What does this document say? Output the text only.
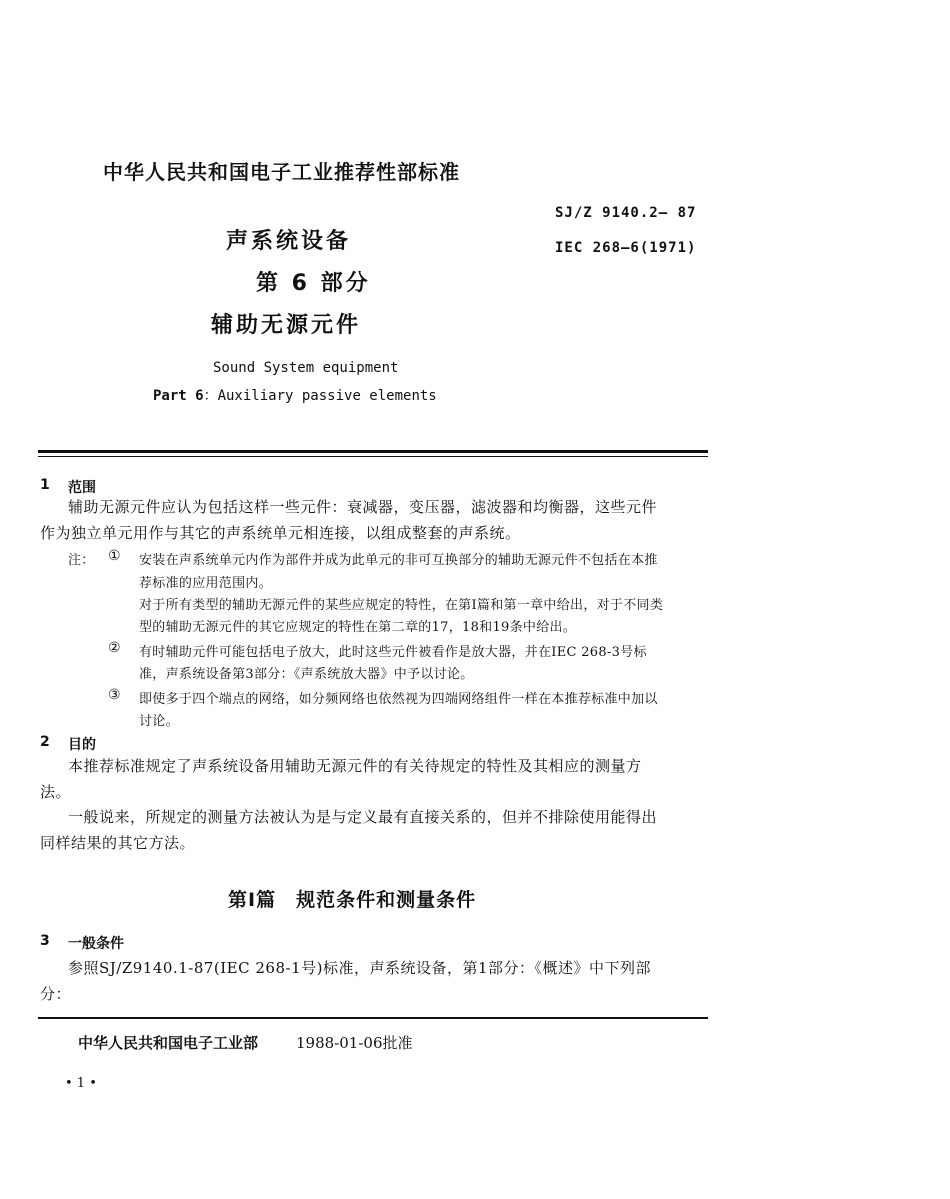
中华人民共和国电子工业推荐性部标准
SJ/Z 9140.2— 87
IEC 268—6(1971)
声系统设备
第 6 部分
辅助无源元件
Sound System equipment
Part 6：Auxiliary passive elements
1 范围
辅助无源元件应认为包括这样一些元件：衰减器，变压器，滤波器和均衡器，这些元件
作为独立单元用作与其它的声系统单元相连接，以组成整套的声系统。
注： ① 安装在声系统单元内作为部件并成为此单元的非可互换部分的辅助无源元件不包括在本推
荐标准的应用范围内。
对于所有类型的辅助无源元件的某些应规定的特性，在第Ⅰ篇和第一章中给出，对于不同类
型的辅助无源元件的其它应规定的特性在第二章的17，18和19条中给出。
② 有时辅助元件可能包括电子放大，此时这些元件被看作是放大器，并在IEC 268-3号标
准，声系统设备第3部分：《声系统放大器》中予以讨论。
③ 即使多于四个端点的网络，如分频网络也依然视为四端网络组件一样在本推荐标准中加以
讨论。
2 目的
本推荐标准规定了声系统设备用辅助无源元件的有关待规定的特性及其相应的测量方
法。
一般说来，所规定的测量方法被认为是与定义最有直接关系的，但并不排除使用能得出
同样结果的其它方法。
第Ⅰ篇　规范条件和测量条件
3 一般条件
参照SJ/Z9140.1-87(IEC 268-1号)标准，声系统设备，第1部分：《概述》中下列部
分：
中华人民共和国电子工业部	1988-01-06批准
• 1 •
